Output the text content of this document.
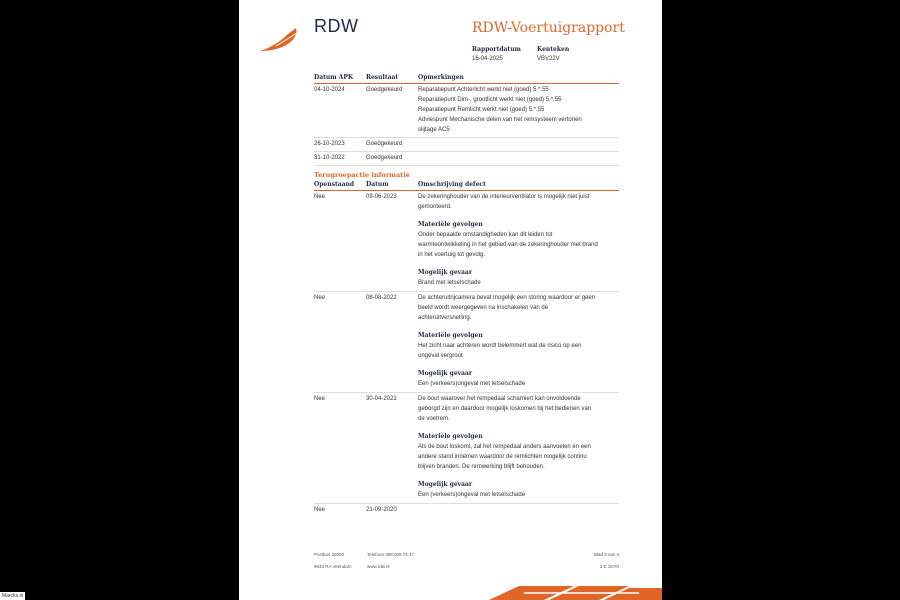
RDW	RDW-Voertuigrapport
Rapportdatum
16-04-2025
Kenteken
VBV22V
Datum APK	Resultaat	Opmerkingen
04-10-2024	Goedgekeurd	Reparatiepunt Achterlicht werkt niet (goed) 5.*.55
Reparatiepunt Dim-, grootlicht werkt niet (goed) 5.*.55
Reparatiepunt Remlicht werkt niet (goed) 5.*.55
Adviespunt Mechanische delen van het remsysteem vertonen
slijtage AC5
26-10-2023	Goedgekeurd
31-10-2022	Goedgekeurd
Terugroepactie informatie
Openstaand	Datum	Omschrijving defect
Nee	09-06-2023	De zekeringhouder van de interieurventilator is mogelijk niet juist
gemonteerd.
Materiële gevolgen
Onder bepaalde omstandigheden kan dit leiden tot
warmteontwikkeling in het gebied van de zekeringhouder met brand
in het voertuig tot gevolg.
Mogelijk gevaar
Brand met letselschade
Nee	08-08-2022	De achteruitrijcamera bevat mogelijk een storing waardoor er geen
beeld wordt weergegeven na inschakelen van de
achteruitversnelling.
Materiële gevolgen
Het zicht naar achteren wordt belemmert wat de risico op een
ongeval vergroot
Mogelijk gevaar
Een (verkeers)ongeval met letselschade
Nee	30-04-2021	De bout waarover het rempedaal scharniert kan onvoldoende
geborgd zijn en daardoor mogelijk loskomen bij het bedienen van
de voetrem.
Materiële gevolgen
Als de bout loskomt, zal het rempedaal anders aanvoelen en een
andere stand innemen waardoor de remlichten mogelijk continu
blijven branden. De remwerking blijft behouden.
Mogelijk gevaar
Een (verkeers)ongeval met letselschade
Nee	21-09-2020
Postbus 30000
9640 RA Veendam
Telefoon 088 009 74 47
www.rdw.nl
Blad 3 van 4
3 E 1670I
Marcks.nl
